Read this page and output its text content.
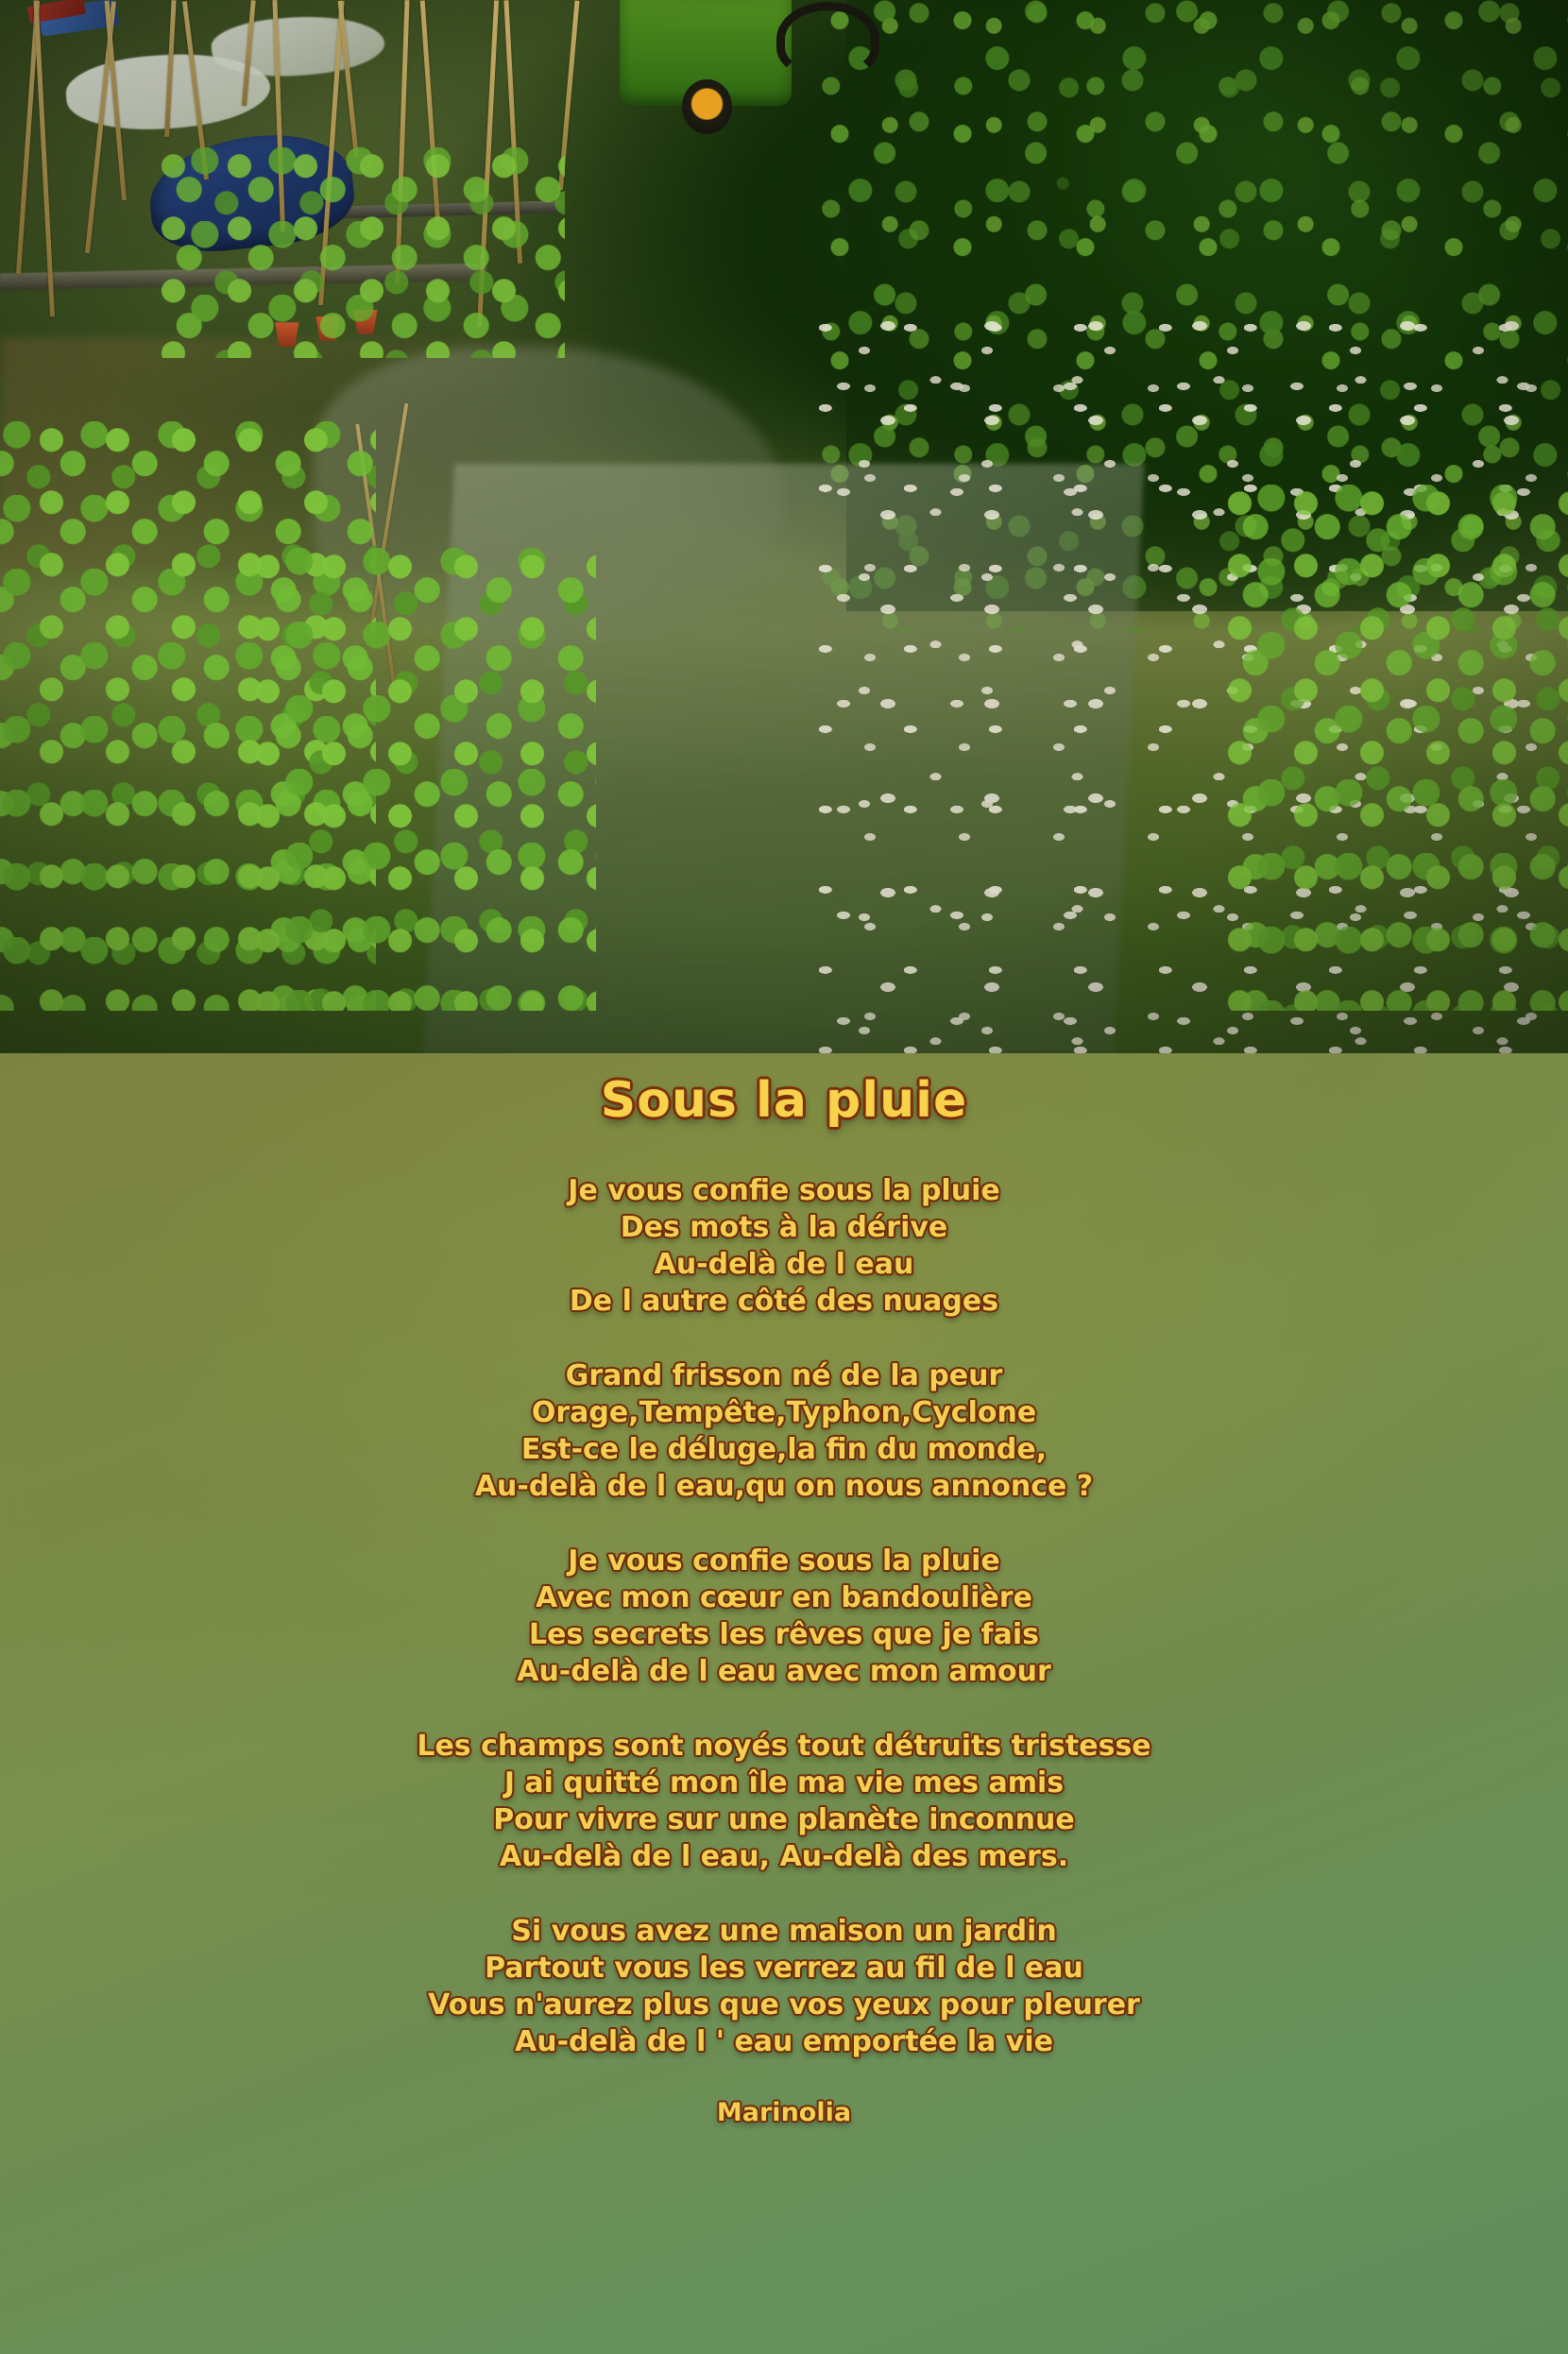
Sous la pluie
Je vous confie sous la pluie
Des mots à la dérive
Au-delà de l eau
De l autre côté des nuages
Grand frisson né de la peur
Orage,Tempête,Typhon,Cyclone
Est-ce le déluge,la fin du monde,
Au-delà de l eau,qu on nous annonce ?
Je vous confie sous la pluie
Avec mon cœur en bandoulière
Les secrets les rêves que je fais
Au-delà de l eau avec mon amour
Les champs sont noyés tout détruits tristesse
J ai quitté mon île ma vie mes amis
Pour vivre sur une planète inconnue
Au-delà de l eau, Au-delà des mers.
Si vous avez une maison un jardin
Partout vous les verrez au fil de l eau
Vous n'aurez plus que vos yeux pour pleurer
Au-delà de l ' eau emportée la vie
Marinolia
